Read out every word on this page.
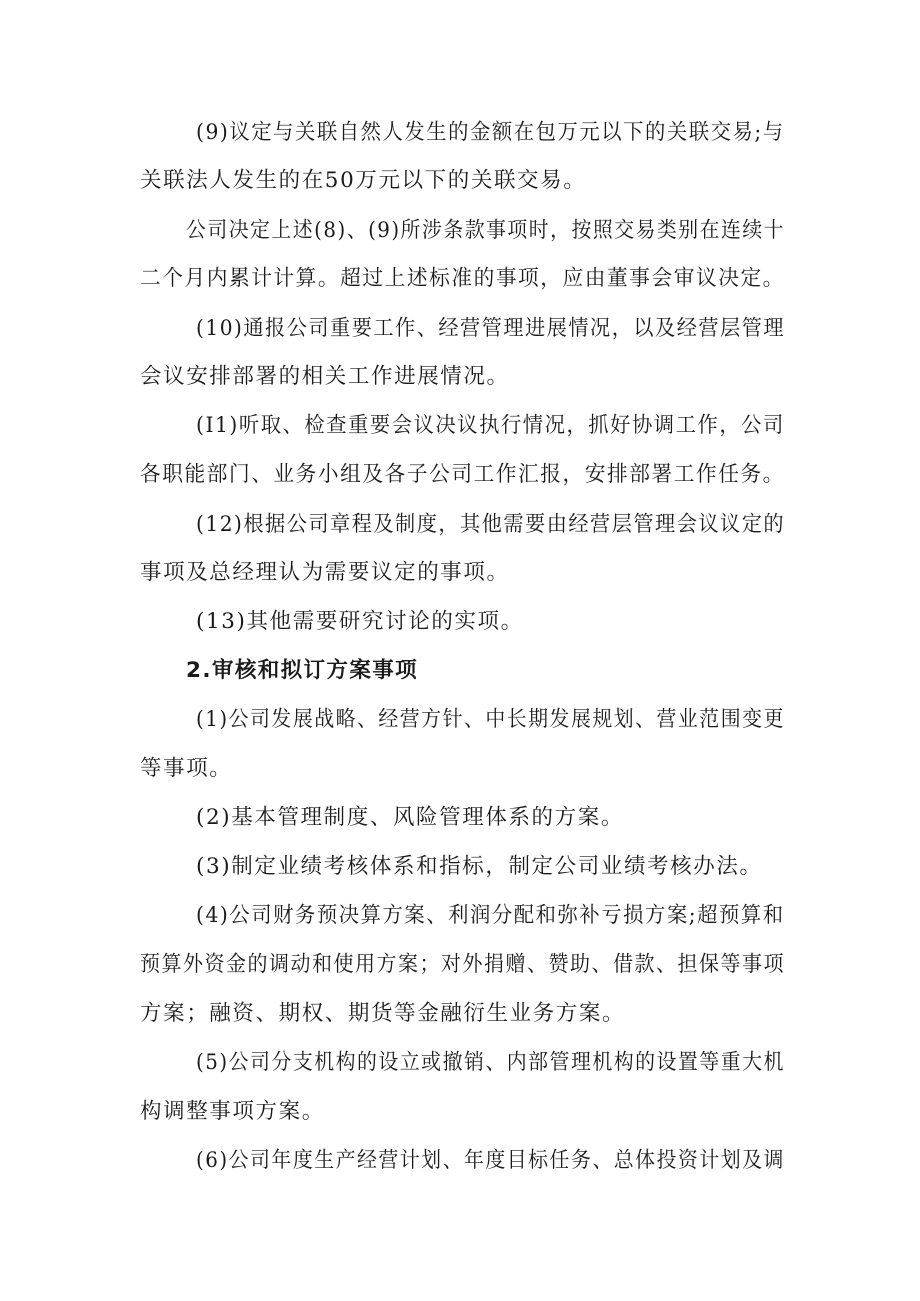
(9)议定与关联自然人发生的金额在包万元以下的关联交易;与
关联法人发生的在50万元以下的关联交易。
公司决定上述(8)、(9)所涉条款事项时，按照交易类别在连续十
二个月内累计计算。超过上述标准的事项，应由董事会审议决定。
(10)通报公司重要工作、经营管理进展情况，以及经营层管理
会议安排部署的相关工作进展情况。
(I1)听取、检查重要会议决议执行情况，抓好协调工作，公司
各职能部门、业务小组及各子公司工作汇报，安排部署工作任务。
(12)根据公司章程及制度，其他需要由经营层管理会议议定的
事项及总经理认为需要议定的事项。
(13)其他需要研究讨论的实项。
2.审核和拟订方案事项
(1)公司发展战略、经营方针、中长期发展规划、营业范围变更
等事项。
(2)基本管理制度、风险管理体系的方案。
(3)制定业绩考核体系和指标，制定公司业绩考核办法。
(4)公司财务预决算方案、利润分配和弥补亏损方案;超预算和
预算外资金的调动和使用方案；对外捐赠、赞助、借款、担保等事项
方案；融资、期权、期货等金融衍生业务方案。
(5)公司分支机构的设立或撤销、内部管理机构的设置等重大机
构调整事项方案。
(6)公司年度生产经营计划、年度目标任务、总体投资计划及调
